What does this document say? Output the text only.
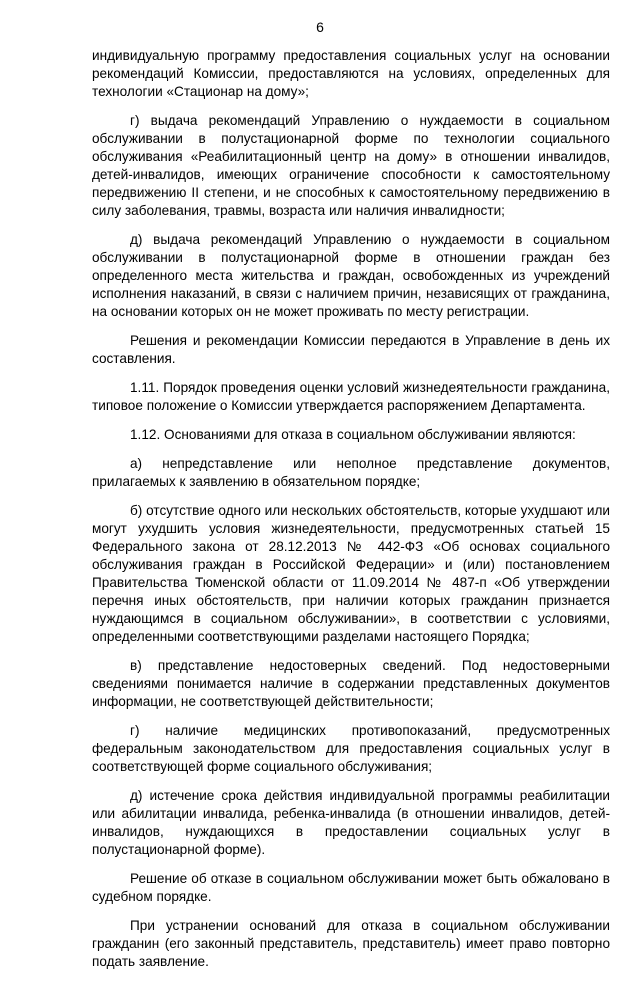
6

индивидуальную программу предоставления социальных услуг на основании рекомендаций Комиссии, предоставляются на условиях, определенных для технологии «Стационар на дому»;

г) выдача рекомендаций Управлению о нуждаемости в социальном обслуживании в полустационарной форме по технологии социального обслуживания «Реабилитационный центр на дому» в отношении инвалидов, детей-инвалидов, имеющих ограничение способности к самостоятельному передвижению II степени, и не способных к самостоятельному передвижению в силу заболевания, травмы, возраста или наличия инвалидности;

д) выдача рекомендаций Управлению о нуждаемости в социальном обслуживании в полустационарной форме в отношении граждан без определенного места жительства и граждан, освобожденных из учреждений исполнения наказаний, в связи с наличием причин, независящих от гражданина, на основании которых он не может проживать по месту регистрации.

Решения и рекомендации Комиссии передаются в Управление в день их составления.

1.11. Порядок проведения оценки условий жизнедеятельности гражданина, типовое положение о Комиссии утверждается распоряжением Департамента.

1.12. Основаниями для отказа в социальном обслуживании являются:

а) непредставление или неполное представление документов, прилагаемых к заявлению в обязательном порядке;

б) отсутствие одного или нескольких обстоятельств, которые ухудшают или могут ухудшить условия жизнедеятельности, предусмотренных статьей 15 Федерального закона от 28.12.2013 № 442-ФЗ «Об основах социального обслуживания граждан в Российской Федерации» и (или) постановлением Правительства Тюменской области от 11.09.2014 № 487-п «Об утверждении перечня иных обстоятельств, при наличии которых гражданин признается нуждающимся в социальном обслуживании», в соответствии с условиями, определенными соответствующими разделами настоящего Порядка;

в) представление недостоверных сведений. Под недостоверными сведениями понимается наличие в содержании представленных документов информации, не соответствующей действительности;

г) наличие медицинских противопоказаний, предусмотренных федеральным законодательством для предоставления социальных услуг в соответствующей форме социального обслуживания;

д) истечение срока действия индивидуальной программы реабилитации или абилитации инвалида, ребенка-инвалида (в отношении инвалидов, детей-инвалидов, нуждающихся в предоставлении социальных услуг в полустационарной форме).

Решение об отказе в социальном обслуживании может быть обжаловано в судебном порядке.

При устранении оснований для отказа в социальном обслуживании гражданин (его законный представитель, представитель) имеет право повторно подать заявление.
